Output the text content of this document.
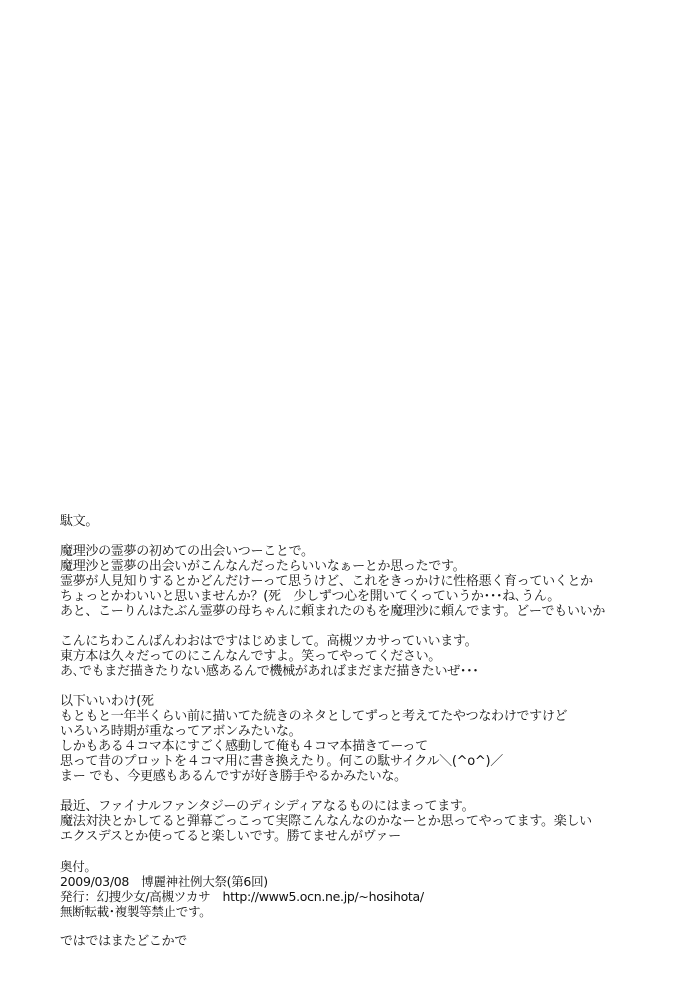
駄文。
魔理沙の霊夢の初めての出会いつーことで。
魔理沙と霊夢の出会いがこんなんだったらいいなぁーとか思ったです。
霊夢が人見知りするとかどんだけーって思うけど、これをきっかけに性格悪く育っていくとか
ちょっとかわいいと思いませんか？(死　少しずつ心を開いてくっていうか･･･ね､うん。
あと、こーりんはたぶん霊夢の母ちゃんに頼まれたのもを魔理沙に頼んでます。どーでもいいか
こんにちわこんばんわおはですはじめまして。高槻ツカサっていいます。
東方本は久々だってのにこんなんですよ。笑ってやってください。
あ､でもまだ描きたりない感あるんで機械があればまだまだ描きたいぜ･･･
以下いいわけ(死
もともと一年半くらい前に描いてた続きのネタとしてずっと考えてたやつなわけですけど
いろいろ時期が重なってアボンみたいな。
しかもある４コマ本にすごく感動して俺も４コマ本描きてーって
思って昔のプロットを４コマ用に書き換えたり。何この駄サイクル＼(^o^)／
まー でも、今更感もあるんですが好き勝手やるかみたいな。
最近、ファイナルファンタジーのディシディアなるものにはまってます。
魔法対決とかしてると弾幕ごっこって実際こんなんなのかなーとか思ってやってます。楽しい
エクスデスとか使ってると楽しいです。勝てませんがヴァー
奥付。
2009/03/08　博麗神社例大祭(第6回)
発行：幻捜少女/高槻ツカサ　http://www5.ocn.ne.jp/~hosihota/
無断転載･複製等禁止です。
ではではまたどこかで
